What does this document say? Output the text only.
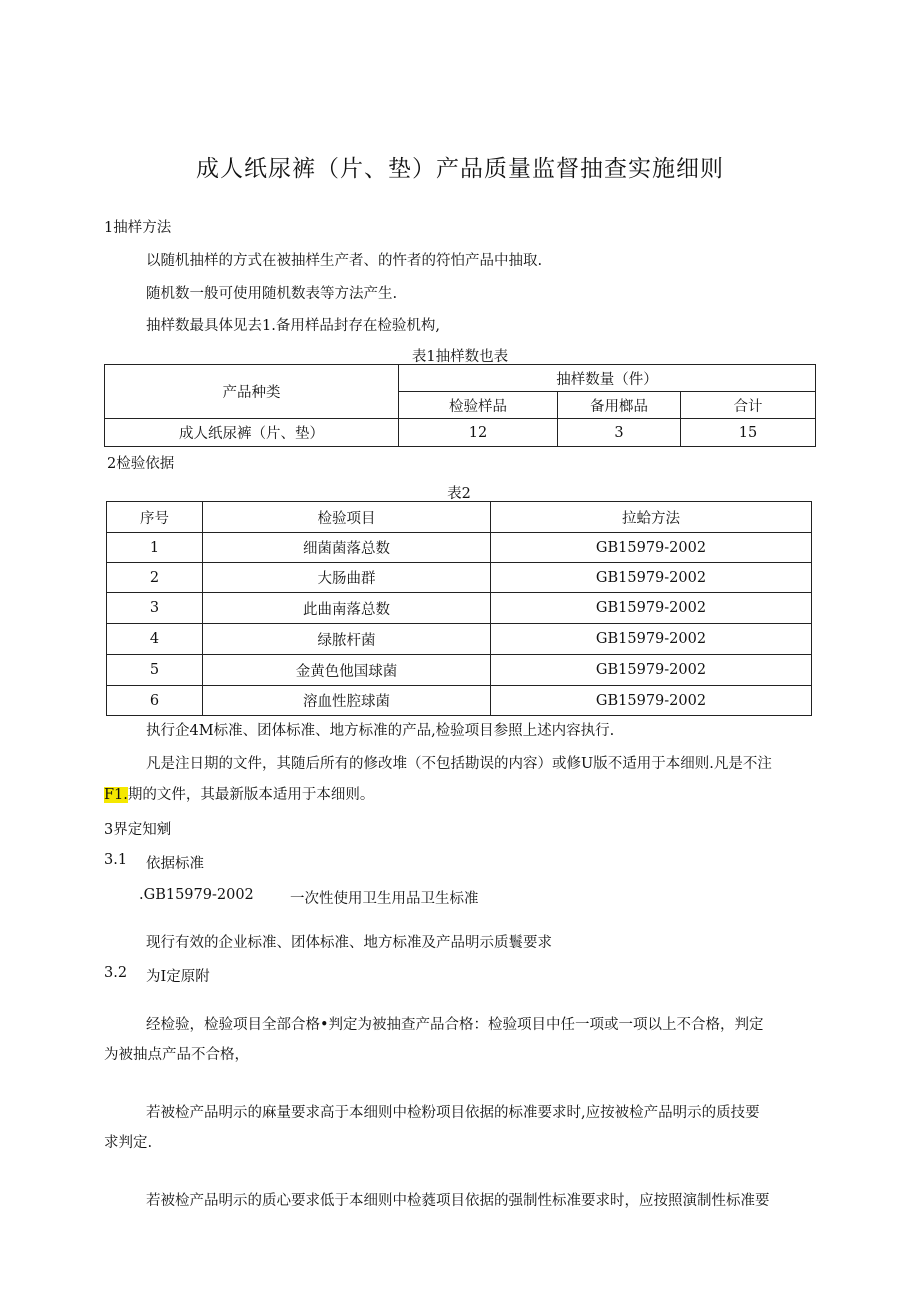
成人纸尿裤（片、垫）产品质量监督抽查实施细则
1抽样方法
以随机抽样的方式在被抽样生产者、的忤者的符怕产品中抽取.
随机数一般可使用随机数表等方法产生.
抽样数最具体见去1.备用样品封存在检验机构,
表1抽样数也表
产品种类	抽样数量（件）		
	检验样品	备用榔品	合计
成人纸尿裤（片、垫）	12	3	15
2检验依据
表2
序号	检验项目	拉蛤方法
1	细菌菌落总数	GB15979-2002
2	大肠曲群	GB15979-2002
3	此曲南落总数	GB15979-2002
4	绿脓杆菌	GB15979-2002
5	金黄色他国球菌	GB15979-2002
6	溶血性腔球菌	GB15979-2002
执行企4M标准、团体标准、地方标准的产品,检验项目参照上述内容执行.
凡是注日期的文件，其随后所有的修改堆（不包括勘误的内容）或修U版不适用于本细则.凡是不注
F1.期的文件，其最新版本适用于本细则。
3界定知剜
3.1 依据标准
.GB15979-2002 一次性使用卫生用品卫生标准
现行有效的企业标准、团体标准、地方标准及产品明示质鬟要求
3.2 为I定原附
经检验，检验项目全部合格•判定为被抽查产品合格：检验项目中任一项或一项以上不合格，判定
为被抽点产品不合格，
若被检产品明示的麻量要求高于本细则中检粉项目依据的标准要求时,应按被检产品明示的质技要
求判定.
若被检产品明示的质心要求低于本细则中检蕤项目依据的强制性标准要求时，应按照演制性标准要
